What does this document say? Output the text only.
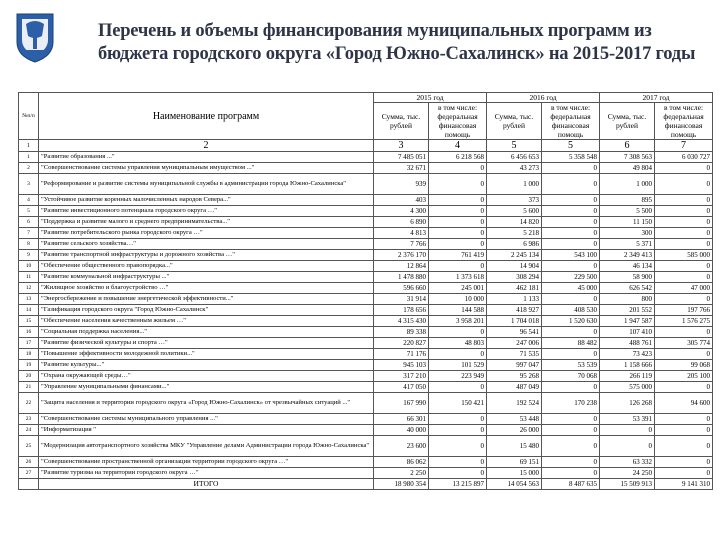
Перечень и объемы финансирования муниципальных программ из
бюджета городского округа «Город Южно-Сахалинск» на 2015-2017 годы
№п/п	Наименование программ	2015 год		2016 год		2017 год	
		Сумма, тыс. рублей	в том числе: федеральная финансовая помощь	Сумма, тыс. рублей	в том числе: федеральная финансовая помощь	Сумма, тыс. рублей	в том числе: федеральная финансовая помощь
1	2	3	4	5	5	6	7
1	"Развитие образования ..."	7 485 051	6 218 568	6 456 653	5 358 548	7 308 563	6 030 727
2	"Совершенствование системы управления муниципальным имуществом ..."	32 671	0	43 273	0	49 804	0
3	"Реформирование и развитие системы муниципальной службы в администрации города Южно-Сахалинска"	939	0	1 000	0	1 000	0
4	"Устойчивое развитие коренных малочисленных народов Севера..."	403	0	373	0	895	0
5	"Развитие инвестиционного потенциала городского округа …"	4 300	0	5 600	0	5 500	0
6	"Поддержка и развитие малого и среднего предпринимательства..."	6 890	0	14 820	0	11 150	0
7	"Развитие потребительского рынка городского округа …"	4 813	0	5 218	0	300	0
8	"Развитие сельского хозяйства…"	7 766	0	6 986	0	5 371	0
9	"Развитие транспортной инфраструктуры и дорожного хозяйства …"	2 376 170	761 419	2 245 134	543 100	2 349 413	585 000
10	"Обеспечение общественного правопорядка..."	12 864	0	14 904	0	46 134	0
11	"Развитие коммунальной инфраструктуры ..."	1 478 880	1 373 618	308 294	229 500	58 900	0
12	"Жилищное хозяйство и благоустройство …"	596 660	245 001	462 181	45 000	626 542	47 000
13	"Энергосбережение и повышение энергетической эффективности..."	31 914	10 000	1 133	0	800	0
14	"Газификация городского округа "Город Южно-Сахалинск"	178 656	144 588	418 927	408 530	201 552	197 766
15	"Обеспечение населения качественным жильем …"	4 315 430	3 958 201	1 704 018	1 520 630	1 947 587	1 576 275
16	"Социальная поддержка населения..."	89 338	0	96 541	0	107 410	0
17	"Развитие физической культуры и спорта …"	220 827	48 803	247 006	88 482	488 761	305 774
18	"Повышение эффективности молодежной политики..."	71 176	0	71 535	0	73 423	0
19	"Развитие культуры..."	945 103	101 529	997 047	53 539	1 158 666	99 068
20	"Охрана окружающей среды…"	317 210	223 949	95 268	70 068	266 119	205 100
21	"Управление муниципальными финансами..."	417 050	0	487 049	0	575 000	0
22	"Защита населения и территории городского округа «Город Южно-Сахалинск» от чрезвычайных ситуаций ..."	167 990	150 421	192 524	170 238	126 268	94 600
23	"Совершенствование системы муниципального управления ..."	66 301	0	53 448	0	53 391	0
24	"Информатизация "	40 000	0	26 000	0	0	0
25	"Модернизация автотранспортного хозяйства МКУ "Управление делами Администрации города Южно-Сахалинска"	23 600	0	15 480	0	0	0
26	"Совершенствование пространственной организации территории городского округа …"	86 062	0	69 151	0	63 332	0
27	"Развитие туризма на территории городского округа …"	2 250	0	15 000	0	24 250	0
	ИТОГО	18 980 354	13 215 897	14 054 563	8 487 635	15 509 913	9 141 310
